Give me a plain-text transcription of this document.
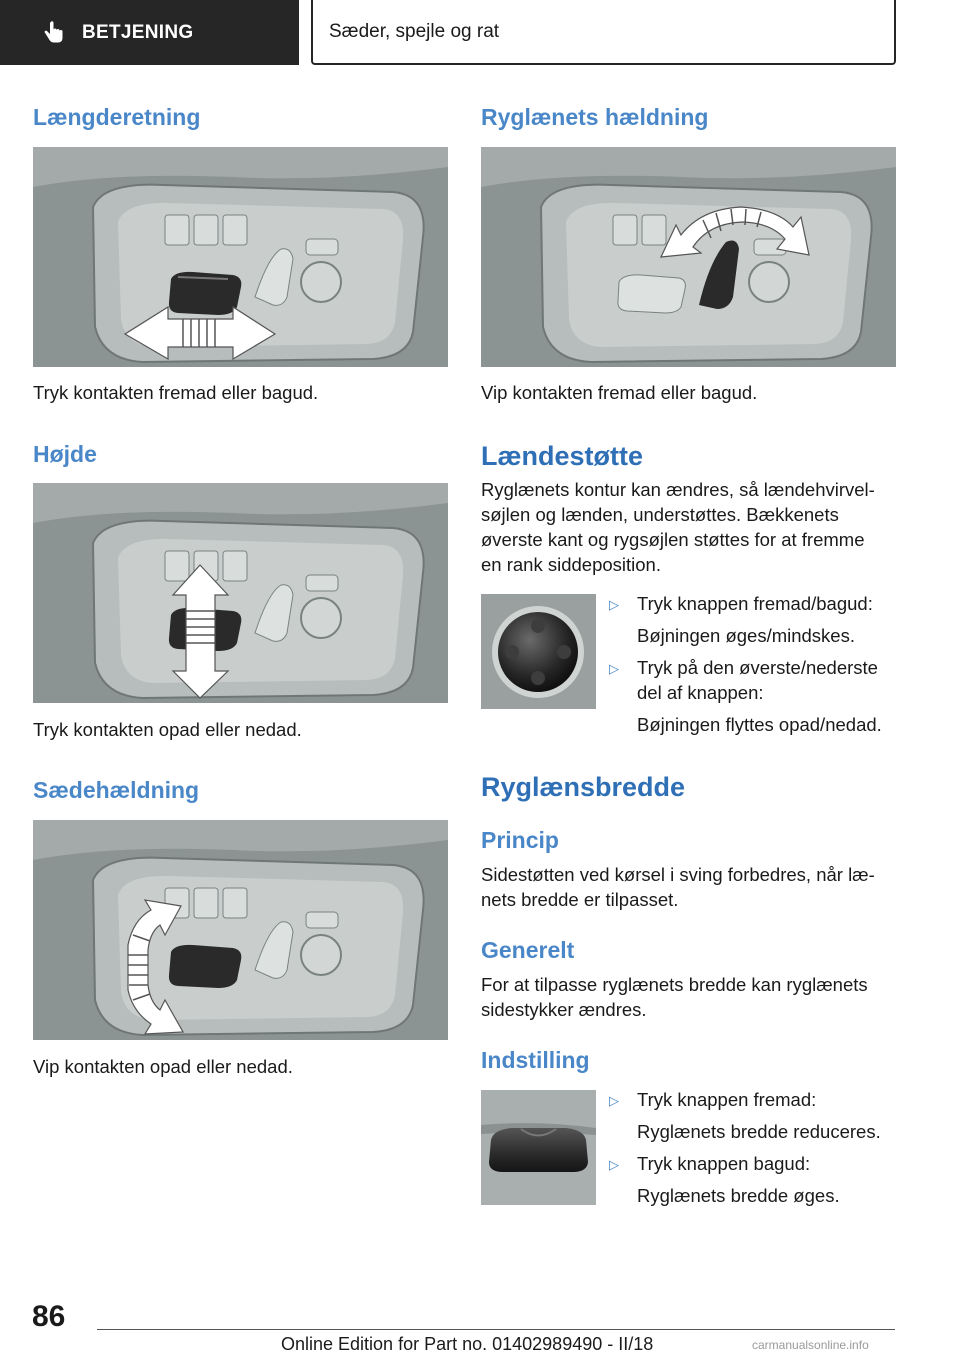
BETJENING	Sæder, spejle og rat
Længderetning
Tryk kontakten fremad eller bagud.
Højde
Tryk kontakten opad eller nedad.
Sædehældning
Vip kontakten opad eller nedad.
Ryglænets hældning
Vip kontakten fremad eller bagud.
Lændestøtte
Ryglænets kontur kan ændres, så lændehvirvel‐
søjlen og lænden, understøttes. Bækkenets
øverste kant og rygsøjlen støttes for at fremme
en rank siddeposition.
▷ Tryk knappen fremad/bagud:
Bøjningen øges/mindskes.
▷ Tryk på den øverste/nederste
del af knappen:
Bøjningen flyttes opad/nedad.
Ryglænsbredde
Princip
Sidestøtten ved kørsel i sving forbedres, når læ‐
nets bredde er tilpasset.
Generelt
For at tilpasse ryglænets bredde kan ryglænets
sidestykker ændres.
Indstilling
▷ Tryk knappen fremad:
Ryglænets bredde reduceres.
▷ Tryk knappen bagud:
Ryglænets bredde øges.
86
Online Edition for Part no. 01402989490 - II/18	carmanualsonline.info
